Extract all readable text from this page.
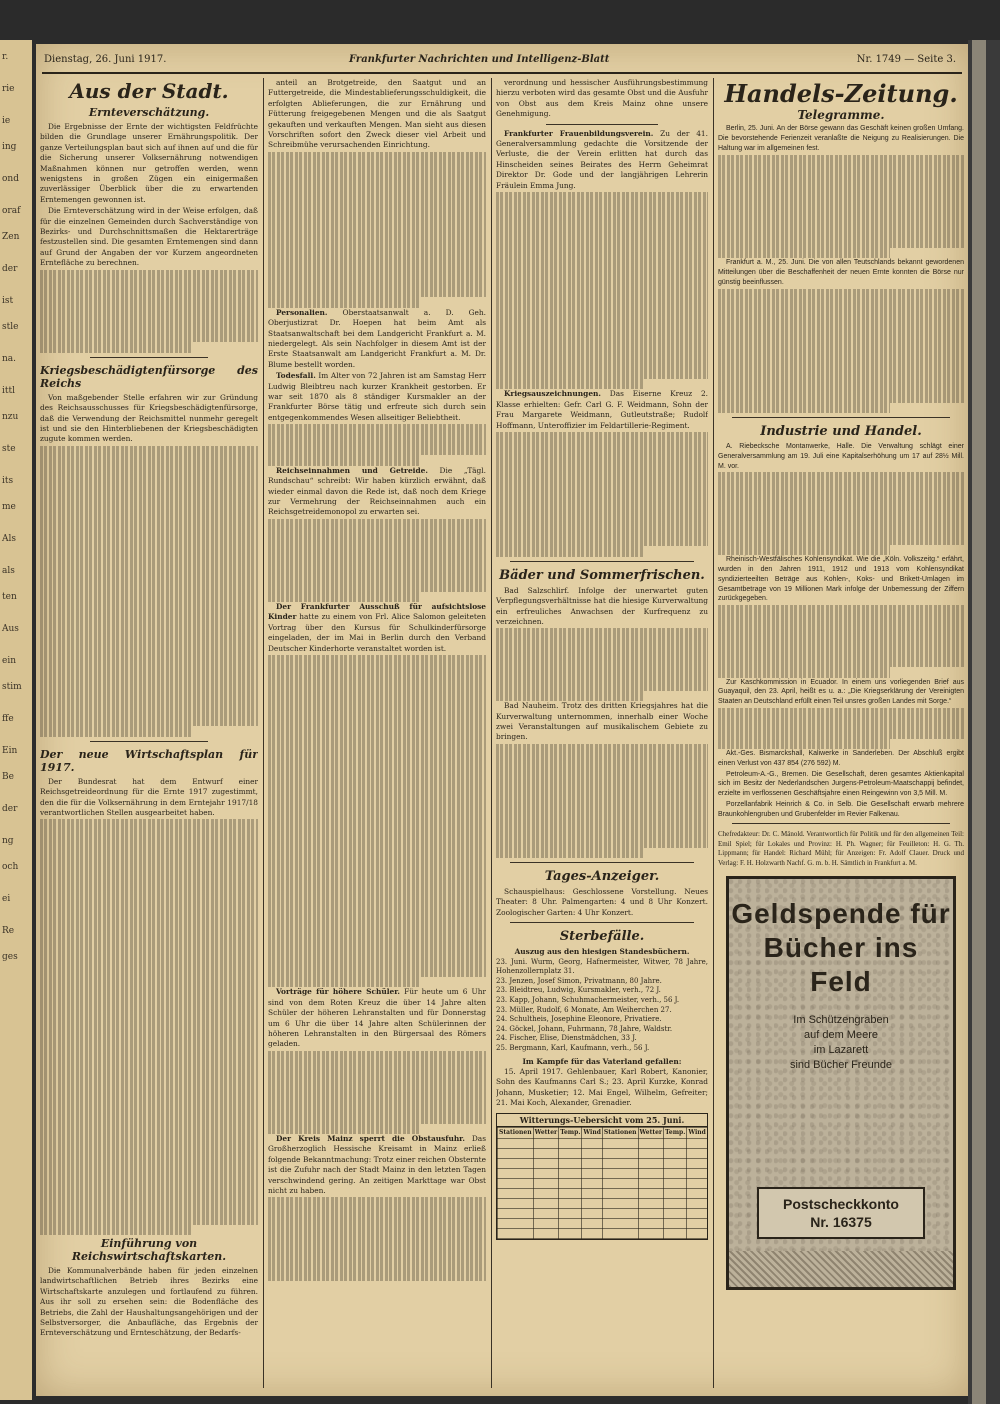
r.
rie
ie
ing
ond
oraf
Zen
der
ist
stle
na.
ittl
nzu
ste
its
me
Als
als
ten
Aus
ein
stim
ffe
Ein
Be
der
ng
och
ei
Re
ges
Dienstag, 26. Juni 1917.	Frankfurter Nachrichten und Intelligenz-Blatt	Nr. 1749 — Seite 3.
Aus der Stadt.
Ernteverschätzung.

Die Ergebnisse der Ernte der wichtigsten Feldfrüchte bilden die Grundlage unserer Ernährungspolitik. Der ganze Verteilungsplan baut sich auf ihnen auf und die für die Sicherung unserer Volksernährung notwendigen Maßnahmen können nur getroffen werden, wenn wenigstens in großen Zügen ein einigermaßen zuverlässiger Überblick über die zu erwartenden Erntemengen gewonnen ist.

Die Ernteverschätzung wird in der Weise erfolgen, daß für die einzelnen Gemeinden durch Sachverständige von Bezirks- und Durchschnittsmaßen die Hektarerträge festzustellen sind. Die gesamten Erntemengen sind dann auf Grund der Angaben der vor Kurzem angeordneten Erntefläche zu berechnen.

Kriegsbeschädigtenfürsorge des Reichs

Von maßgebender Stelle erfahren wir zur Gründung des Reichsausschusses für Kriegsbeschädigtenfürsorge, daß die Verwendung der Reichsmittel nunmehr geregelt ist und sie den Hinterbliebenen der Kriegsbeschädigten zugute kommen werden.

Der neue Wirtschaftsplan für 1917.

Der Bundesrat hat dem Entwurf einer Reichsgetreideordnung für die Ernte 1917 zugestimmt, den die für die Volksernährung in dem Erntejahr 1917/18 verantwortlichen Stellen ausgearbeitet haben.

Einführung von Reichswirtschaftskarten.

Die Kommunalverbände haben für jeden einzelnen landwirtschaftlichen Betrieb ihres Bezirks eine Wirtschaftskarte anzulegen und fortlaufend zu führen. Aus ihr soll zu ersehen sein: die Bodenfläche des Betriebs, die Zahl der Haushaltungsangehörigen und der Selbstversorger, die Anbaufläche, das Ergebnis der Ernteverschätzung und Ernteschätzung, der Bedarfs-

anteil an Brotgetreide, den Saatgut und an Futtergetreide, die Mindestablieferungsschuldigkeit, die erfolgten Ablieferungen, die zur Ernährung und Fütterung freigegebenen Mengen und die als Saatgut gekauften und verkauften Mengen. Man sieht aus diesen Vorschriften sofort den Zweck dieser viel Arbeit und Schreibmühe verursachenden Einrichtung.

Personalien. Oberstaatsanwalt a. D. Geh. Oberjustizrat Dr. Hoepen hat beim Amt als Staatsanwaltschaft bei dem Landgericht Frankfurt a. M. niedergelegt. Als sein Nachfolger in diesem Amt ist der Erste Staatsanwalt am Landgericht Frankfurt a. M. Dr. Blume bestellt worden.

Todesfall. Im Alter von 72 Jahren ist am Samstag Herr Ludwig Bleibtreu nach kurzer Krankheit gestorben. Er war seit 1870 als 8 ständiger Kursmakler an der Frankfurter Börse tätig und erfreute sich durch sein entgegenkommendes Wesen allseitiger Beliebtheit.

Reichseinnahmen und Getreide. Die „Tägl. Rundschau“ schreibt: Wir haben kürzlich erwähnt, daß wieder einmal davon die Rede ist, daß noch dem Kriege zur Vermehrung der Reichseinnahmen auch ein Reichsgetreidemonopol zu erwarten sei.

Der Frankfurter Ausschuß für aufsichtslose Kinder hatte zu einem von Frl. Alice Salomon geleiteten Vortrag über den Kursus für Schulkinderfürsorge eingeladen, der im Mai in Berlin durch den Verband Deutscher Kinderhorte veranstaltet worden ist.

Vorträge für höhere Schüler. Für heute um 6 Uhr sind von dem Roten Kreuz die über 14 Jahre alten Schüler der höheren Lehranstalten und für Donnerstag um 6 Uhr die über 14 Jahre alten Schülerinnen der höheren Lehranstalten in den Bürgersaal des Römers geladen.

Der Kreis Mainz sperrt die Obstausfuhr. Das Großherzoglich Hessische Kreisamt in Mainz erließ folgende Bekanntmachung: Trotz einer reichen Obsternte ist die Zufuhr nach der Stadt Mainz in den letzten Tagen verschwindend gering. An zeitigen Markttage war Obst nicht zu haben.

verordnung und hessischer Ausführungsbestimmung hierzu verboten wird das gesamte Obst und die Ausfuhr von Obst aus dem Kreis Mainz ohne unsere Genehmigung.

Frankfurter Frauenbildungsverein. Zu der 41. Generalversammlung gedachte die Vorsitzende der Verluste, die der Verein erlitten hat durch das Hinscheiden seines Beirates des Herrn Geheimrat Direktor Dr. Gode und der langjährigen Lehrerin Fräulein Emma Jung.

Kriegsauszeichnungen. Das Eiserne Kreuz 2. Klasse erhielten: Gefr. Carl G. F. Weidmann, Sohn der Frau Margarete Weidmann, Gutleutstraße; Rudolf Hoffmann, Unteroffizier im Feldartillerie-Regiment.

Bäder und Sommerfrischen.

Bad Salzschlirf. Infolge der unerwartet guten Verpflegungsverhältnisse hat die hiesige Kurverwaltung ein erfreuliches Anwachsen der Kurfrequenz zu verzeichnen.

Bad Nauheim. Trotz des dritten Kriegsjahres hat die Kurverwaltung unternommen, innerhalb einer Woche zwei Veranstaltungen auf musikalischem Gebiete zu bringen.

Tages-Anzeiger.

Schauspielhaus: Geschlossene Vorstellung. Neues Theater: 8 Uhr. Palmengarten: 4 und 8 Uhr Konzert. Zoologischer Garten: 4 Uhr Konzert.

Sterbefälle.
Auszug aus den hiesigen Standesbüchern.
23. Juni. Wurm, Georg, Hafnermeister, Witwer, 78 Jahre, Hohenzollernplatz 31.
23. Jenzen, Josef Simon, Privatmann, 80 Jahre.
23. Bleidtreu, Ludwig, Kursmakler, verh., 72 J.
23. Kapp, Johann, Schuhmachermeister, verh., 56 J.
23. Müller, Rudolf, 6 Monate, Am Weiherchen 27.
24. Schultheis, Josephine Eleonore, Privatiere.
24. Göckel, Johann, Fuhrmann, 78 Jahre, Waldstr.
24. Fischer, Elise, Dienstmädchen, 33 J.
25. Bergmann, Karl, Kaufmann, verh., 56 J.
Im Kampfe für das Vaterland gefallen:

15. April 1917. Gehlenbauer, Karl Robert, Kanonier, Sohn des Kaufmanns Carl S.; 23. April Kurzke, Konrad Johann, Musketier; 12. Mai Engel, Wilhelm, Gefreiter; 21. Mai Koch, Alexander, Grenadier.

Witterungs-Uebersicht vom 25. Juni.
Stationen	Wetter	Temp.	Wind	Stationen	Wetter	Temp.	Wind

Handels-Zeitung.
Telegramme.

Berlin, 25. Juni. An der Börse gewann das Geschäft keinen großen Umfang. Die bevorstehende Ferienzeit veranlaßte die Neigung zu Realisierungen. Die Haltung war im allgemeinen fest.

Frankfurt a. M., 25. Juni. Die von allen Teutschlands bekannt gewordenen Mitteilungen über die Beschaffenheit der neuen Ernte konnten die Börse nur günstig beeinflussen.

Industrie und Handel.

A. Riebecksche Montanwerke, Halle. Die Verwaltung schlägt einer Generalversammlung am 19. Juli eine Kapitalserhöhung um 17 auf 28½ Mill. M. vor.

Rheinisch-Westfälisches Kohlensyndikat. Wie die „Köln. Volkszeitg.“ erfährt, wurden in den Jahren 1911, 1912 und 1913 vom Kohlensyndikat syndizierteeilten Beträge aus Kohlen-, Koks- und Brikett-Umlagen im Gesamtbetrage von 19 Millionen Mark infolge der Unbemessung der Ziffern zurückgegeben.

Zur Kaschkommission in Ecuador. In einem uns vorliegenden Brief aus Guayaquil, den 23. April, heißt es u. a.: „Die Kriegserklärung der Vereinigten Staaten an Deutschland erfüllt einen Teil unsres großen Landes mit Sorge.“

Akt.-Ges. Bismarckshall, Kaliwerke in Sanderleben. Der Abschluß ergibt einen Verlust von 437 854 (276 592) M.

Petroleum-A.-G., Bremen. Die Gesellschaft, deren gesamtes Aktienkapital sich im Besitz der Nederlandschen Jurgens-Petroleum-Maatschappij befindet, erzielte im verflossenen Geschäftsjahre einen Reingewinn von 3,5 Mill. M.

Porzellanfabrik Heinrich & Co. in Selb. Die Gesellschaft erwarb mehrere Braunkohlengruben und Grubenfelder im Revier Falkenau.

Chefredakteur: Dr. C. Mänold. Verantwortlich für Politik und für den allgemeinen Teil: Emil Spiel; für Lokales und Provinz: H. Ph. Wagner; für Feuilleton: H. G. Th. Lippmann; für Handel: Richard Mühl; für Anzeigen: Fr. Adolf Clauer. Druck und Verlag: F. H. Holzwarth Nachf. G. m. b. H. Sämtlich in Frankfurt a. M.
Geldspende für
Bücher ins Feld
Im Schützengraben
auf dem Meere
im Lazarett
sind Bücher Freunde
Postscheckkonto
Nr. 16375
